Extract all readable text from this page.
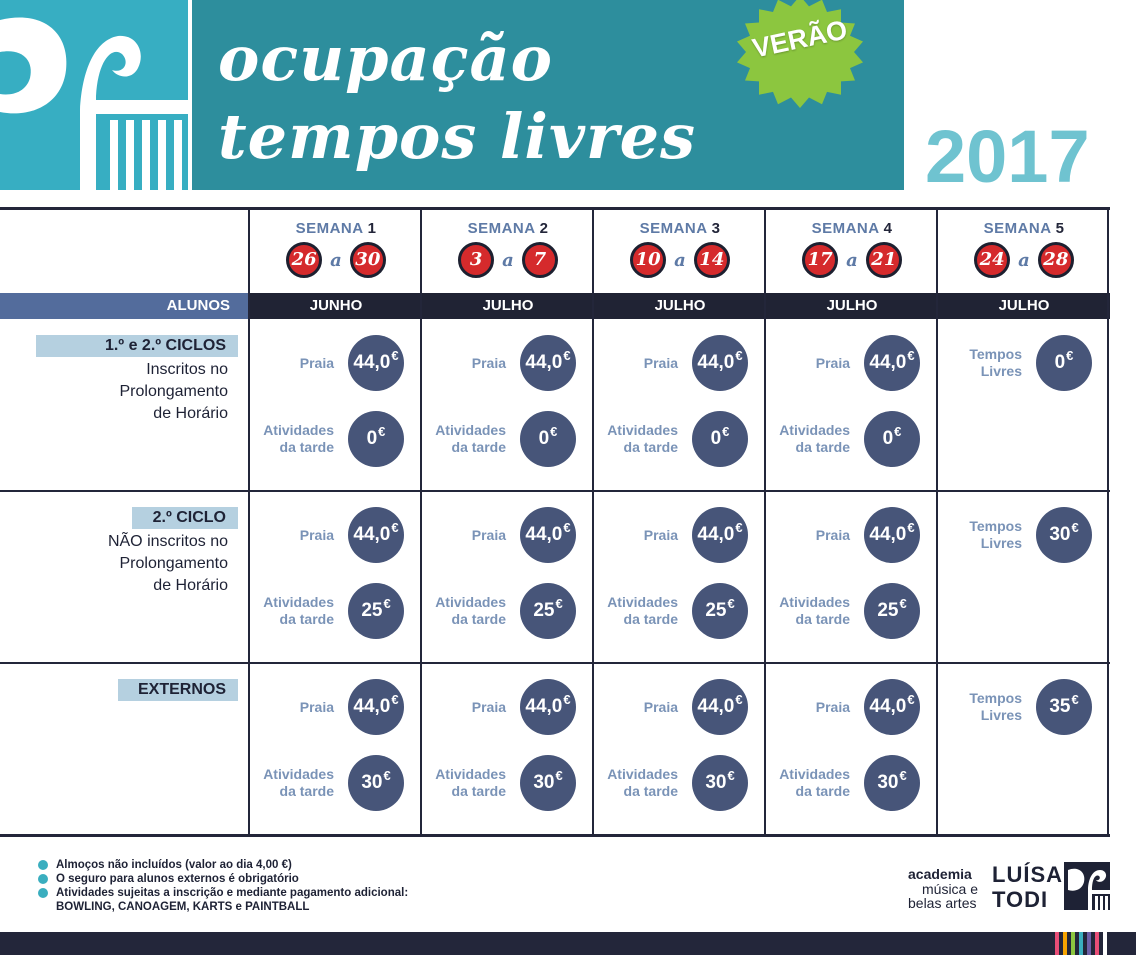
ocupação
tempos livres
VERÃO
2017
ALUNOS
SEMANA 1
26 a 30
JUNHO
SEMANA 2
3	a	7
JULHO
SEMANA 3
10 a 14
JULHO
SEMANA 4
17 a 21
JULHO
SEMANA 5
24 a 28
JULHO
1.º e 2.º CICLOS
Inscritos no
Prolongamento
de Horário
Praia 44,0 €
Atividades
da tarde 0 €
Praia 44,0 €
Atividades
da tarde 0 €
Praia 44,0 €
Atividades
da tarde 0 €
Praia 44,0 €
Atividades
da tarde 0 €
Tempos
Livres 0 €
2.º CICLO
NÃO inscritos no
Prolongamento
de Horário
Praia 44,0 €
Atividades
da tarde 25 €
Praia 44,0 €
Atividades
da tarde 25 €
Praia 44,0 €
Atividades
da tarde 25 €
Praia 44,0 €
Atividades
da tarde 25 €
Tempos
Livres 30 €
EXTERNOS
Praia 44,0 €
Atividades
da tarde 30 €
Praia 44,0 €
Atividades
da tarde 30 €
Praia 44,0 €
Atividades
da tarde 30 €
Praia 44,0 €
Atividades
da tarde 30 €
Tempos
Livres 35 €
Almoços não incluídos (valor ao dia 4,00 €)
O seguro para alunos externos é obrigatório
Atividades sujeitas a inscrição e mediante pagamento adicional:
BOWLING, CANOAGEM, KARTS e PAINTBALL
academia
música e
belas artes
LUÍSA
TODI
